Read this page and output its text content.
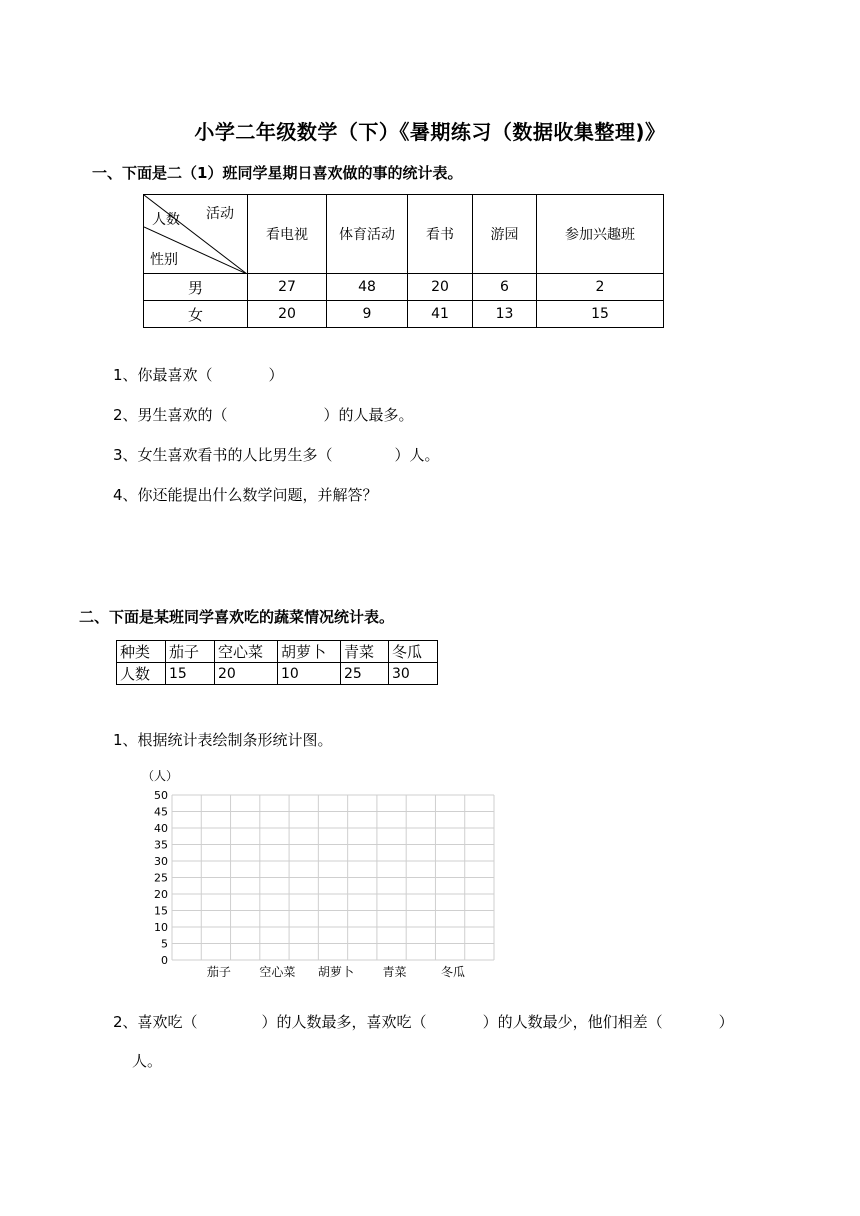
小学二年级数学（下）《暑期练习（数据收集整理)》
一、下面是二（1）班同学星期日喜欢做的事的统计表。
活动
人数
性别	看电视	体育活动	看书	游园	参加兴趣班
男	27	48	20	6	2
女	20	9	41	13	15
1、你最喜欢（	）
2、男生喜欢的（	）的人最多。
3、女生喜欢看书的人比男生多（	）人。
4、你还能提出什么数学问题，并解答？
二、下面是某班同学喜欢吃的蔬菜情况统计表。
种类	茄子	空心菜	胡萝卜	青菜	冬瓜
人数	15	20	10	25	30
1、根据统计表绘制条形统计图。
（人）
50
45
40
35
30
25
20
15
10
5
0
茄子 空心菜 胡萝卜 青菜	冬瓜
2、喜欢吃（	）的人数最多，喜欢吃（	）的人数最少，他们相差（	）
人。
